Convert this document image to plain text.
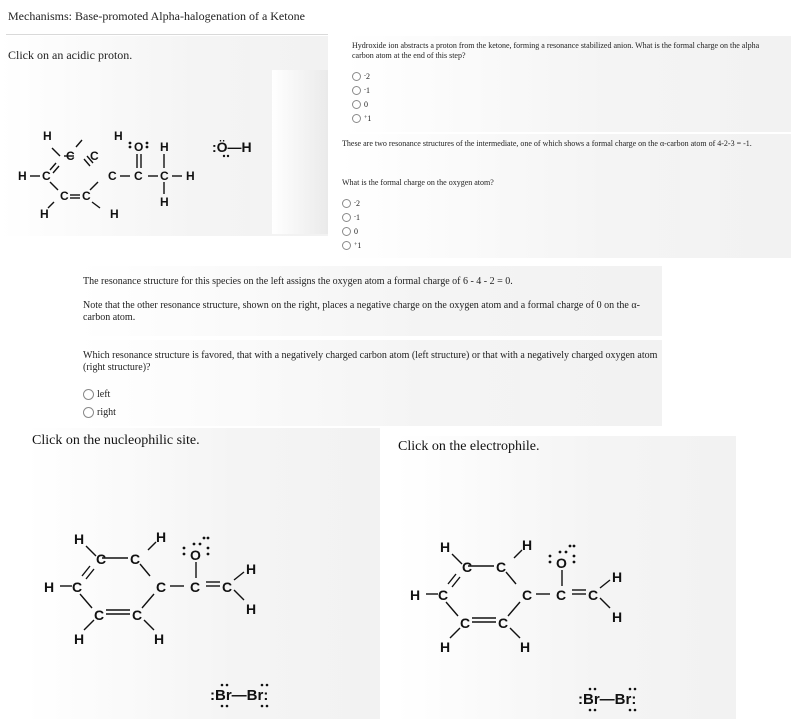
Mechanisms: Base-promoted Alpha-halogenation of a Ketone
Click on an acidic proton.
H	H
C C
O H
H C	C C C H
H
C C
H	H
:Ö—H
Hydroxide ion abstracts a proton from the ketone, forming a resonance stabilized anion. What is the formal charge on the alpha carbon atom at the end of this step?
- 2
- 1
0
+ 1
These are two resonance structures of the intermediate, one of which shows a formal charge on the α-carbon atom of 4-2-3 = -1.
What is the formal charge on the oxygen atom?
- 2
- 1
0
+ 1
The resonance structure for this species on the left assigns the oxygen atom a formal charge of 6 - 4 - 2 = 0.
Note that the other resonance structure, shown on the right, places a negative charge on the oxygen atom and a formal charge of 0 on the α-carbon atom.
Which resonance structure is favored, that with a negatively charged carbon atom (left structure) or that with a negatively charged oxygen atom (right structure)?
left
right
Click on the nucleophilic site.
H	H
C C	O
H C	C C C
H
H
C C
H	H
:Br—Br:
Click on the electrophile.
H	H
C C	O
H C	C C C
H
H
C C
H	H
:Br—Br:
